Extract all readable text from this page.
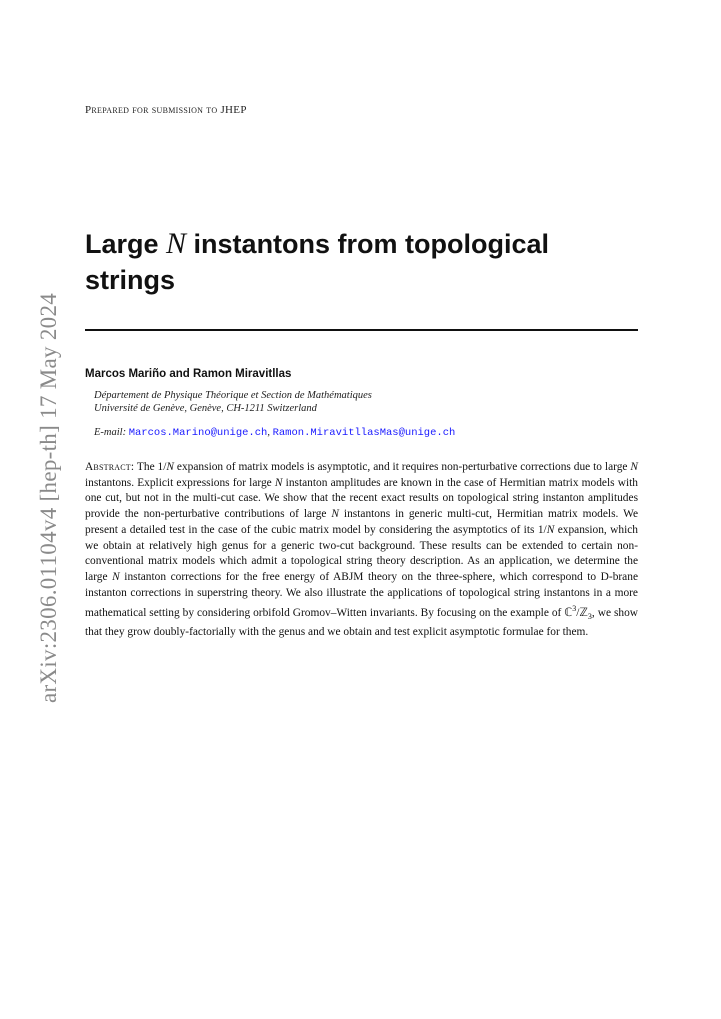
arXiv:2306.01104v4 [hep-th] 17 May 2024
Prepared for submission to JHEP
Large N instantons from topological strings
Marcos Mariño and Ramon Miravitllas
Département de Physique Théorique et Section de Mathématiques
Université de Genève, Genève, CH-1211 Switzerland
E-mail: Marcos.Marino@unige.ch, Ramon.MiravitllasMas@unige.ch
Abstract: The 1/N expansion of matrix models is asymptotic, and it requires non-perturbative corrections due to large N instantons. Explicit expressions for large N instanton amplitudes are known in the case of Hermitian matrix models with one cut, but not in the multi-cut case. We show that the recent exact results on topological string instanton amplitudes provide the non-perturbative contributions of large N instantons in generic multi-cut, Hermitian matrix models. We present a detailed test in the case of the cubic matrix model by considering the asymptotics of its 1/N expansion, which we obtain at relatively high genus for a generic two-cut background. These results can be extended to certain non-conventional matrix models which admit a topological string theory description. As an application, we determine the large N instanton corrections for the free energy of ABJM theory on the three-sphere, which correspond to D-brane instanton corrections in superstring theory. We also illustrate the applications of topological string instantons in a more mathematical setting by considering orbifold Gromov–Witten invariants. By focusing on the example of ℂ$^3$/ℤ$_3$, we show that they grow doubly-factorially with the genus and we obtain and test explicit asymptotic formulae for them.
